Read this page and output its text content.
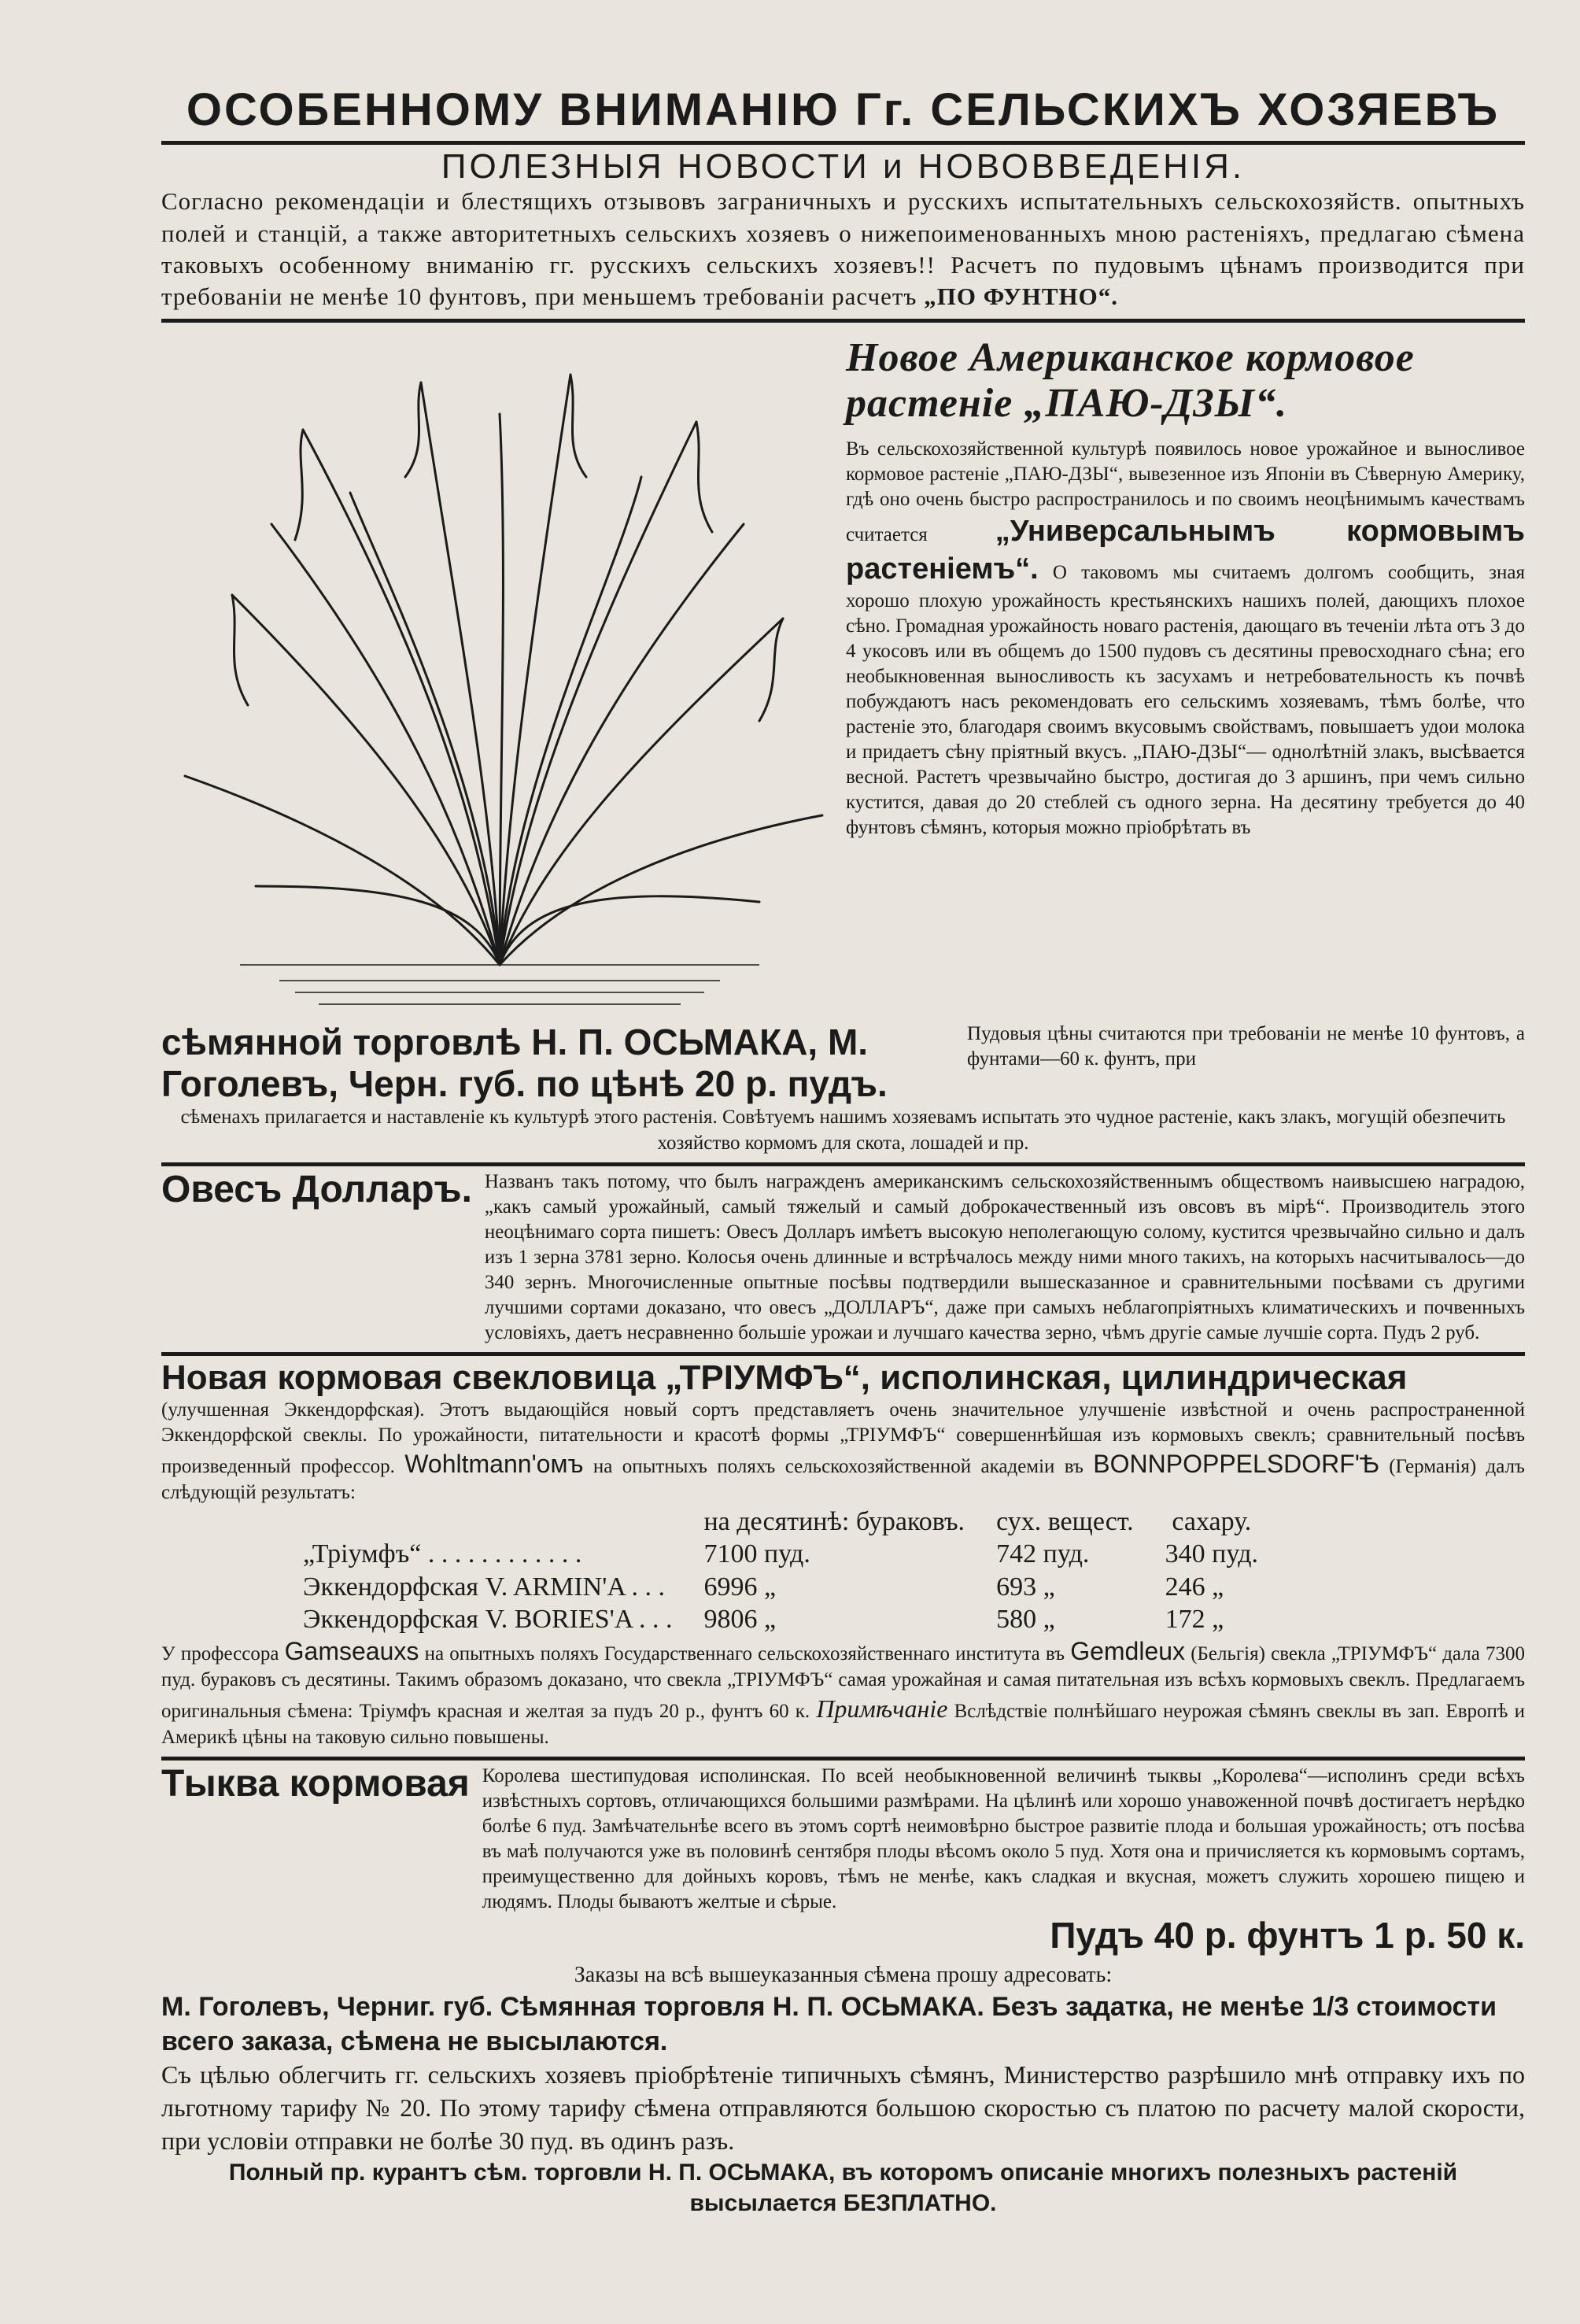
ОСОБЕННОМУ ВНИМАНІЮ Гг. СЕЛЬСКИХЪ ХОЗЯЕВЪ
ПОЛЕЗНЫЯ НОВОСТИ и НОВОВВЕДЕНІЯ.

Согласно рекомендаціи и блестящихъ отзывовъ заграничныхъ и русскихъ испытательныхъ сельскохозяйств. опытныхъ полей и станцій, а также авторитетныхъ сельскихъ хозяевъ о нижепоименованныхъ мною растеніяхъ, предлагаю сѣмена таковыхъ особенному вниманію гг. русскихъ сельскихъ хозяевъ!! Расчетъ по пудовымъ цѣнамъ производится при требованіи не менѣе 10 фунтовъ, при меньшемъ требованіи расчетъ „ПО ФУНТНО“.

Новое Американское кормовое растеніе „ПАЮ-ДЗЫ“.

Въ сельскохозяйственной культурѣ появилось новое урожайное и выносливое кормовое растеніе „ПАЮ-ДЗЫ“, вывезенное изъ Японіи въ Сѣверную Америку, гдѣ оно очень быстро распространилось и по своимъ неоцѣнимымъ качествамъ считается „Универсальнымъ кормовымъ растеніемъ“. О таковомъ мы считаемъ долгомъ сообщить, зная хорошо плохую урожайность крестьянскихъ нашихъ полей, дающихъ плохое сѣно. Громадная урожайность новаго растенія, дающаго въ теченіи лѣта отъ 3 до 4 укосовъ или въ общемъ до 1500 пудовъ съ десятины превосходнаго сѣна; его необыкновенная выносливость къ засухамъ и нетребовательность къ почвѣ побуждаютъ насъ рекомендовать его сельскимъ хозяевамъ, тѣмъ болѣе, что растеніе это, благодаря своимъ вкусовымъ свойствамъ, повышаетъ удои молока и придаетъ сѣну пріятный вкусъ. „ПАЮ-ДЗЫ“— однолѣтній злакъ, высѣвается весной. Растетъ чрезвычайно быстро, достигая до 3 аршинъ, при чемъ сильно кустится, давая до 20 стеблей съ одного зерна. На десятину требуется до 40 фунтовъ сѣмянъ, которыя можно пріобрѣтать въ

сѣмянной торговлѣ Н. П. ОСЬМАКА, М. Гоголевъ, Черн. губ. по цѣнѣ 20 р. пудъ.

Пудовыя цѣны считаются при требованіи не менѣе 10 фунтовъ, а фунтами—60 к. фунтъ, при

сѣменахъ прилагается и наставленіе къ культурѣ этого растенія. Совѣтуемъ нашимъ хозяевамъ испытать это чудное растеніе, какъ злакъ, могущій обезпечить хозяйство кормомъ для скота, лошадей и пр.

Овесъ Долларъ. Названъ такъ потому, что былъ награжденъ американскимъ сельскохозяйственнымъ обществомъ наивысшею наградою, „какъ самый урожайный, самый тяжелый и самый доброкачественный изъ овсовъ въ мірѣ“. Производитель этого неоцѣнимаго сорта пишетъ: Овесъ Долларъ имѣетъ высокую неполегающую солому, кустится чрезвычайно сильно и далъ изъ 1 зерна 3781 зерно. Колосья очень длинные и встрѣчалось между ними много такихъ, на которыхъ насчитывалось—до 340 зернъ. Многочисленные опытные посѣвы подтвердили вышесказанное и сравнительными посѣвами съ другими лучшими сортами доказано, что овесъ „ДОЛЛАРЪ“, даже при самыхъ неблагопріятныхъ климатическихъ и почвенныхъ условіяхъ, даетъ несравненно большіе урожаи и лучшаго качества зерно, чѣмъ другіе самые лучшіе сорта. Пудъ 2 руб.

Новая кормовая свекловица „ТРІУМФЪ“, исполинская, цилиндрическая

(улучшенная Эккендорфская). Этотъ выдающійся новый сортъ представляетъ очень значительное улучшеніе извѣстной и очень распространенной Эккендорфской свеклы. По урожайности, питательности и красотѣ формы „ТРІУМФЪ“ совершеннѣйшая изъ кормовыхъ свеклъ; сравнительный посѣвъ произведенный профессор. Wohltmann'омъ на опытныхъ поляхъ сельскохозяйственной академіи въ BONNPOPPELSDORF'Ѣ (Германія) далъ слѣдующій результатъ:

	на десятинѣ: бураковъ.	сух. вещест.	сахару.
„Тріумфъ“ . . . . . . . . . . . .	7100 пуд.	742 пуд.	340 пуд.
Эккендорфская V. ARMIN'A . . .	6996 „	693 „	246 „
Эккендорфская V. BORIES'A . . .	9806 „	580 „	172 „

У профессора Gamseauxs на опытныхъ поляхъ Государственнаго сельскохозяйственнаго института въ Gemdleux (Бельгія) свекла „ТРІУМФЪ“ дала 7300 пуд. бураковъ съ десятины. Такимъ образомъ доказано, что свекла „ТРІУМФЪ“ самая урожайная и самая питательная изъ всѣхъ кормовыхъ свеклъ. Предлагаемъ оригинальныя сѣмена: Тріумфъ красная и желтая за пудъ 20 р., фунтъ 60 к. Примѣчаніе Вслѣдствіе полнѣйшаго неурожая сѣмянъ свеклы въ зап. Европѣ и Америкѣ цѣны на таковую сильно повышены.

Тыква кормовая Королева шестипудовая исполинская. По всей необыкновенной величинѣ тыквы „Королева“—исполинъ среди всѣхъ извѣстныхъ сортовъ, отличающихся большими размѣрами. На цѣлинѣ или хорошо унавоженной почвѣ достигаетъ нерѣдко болѣе 6 пуд. Замѣчательнѣе всего въ этомъ сортѣ неимовѣрно быстрое развитіе плода и большая урожайность; отъ посѣва въ маѣ получаются уже въ половинѣ сентября плоды вѣсомъ около 5 пуд. Хотя она и причисляется къ кормовымъ сортамъ, преимущественно для дойныхъ коровъ, тѣмъ не менѣе, какъ сладкая и вкусная, можетъ служить хорошею пищею и людямъ. Плоды бываютъ желтые и сѣрые.

Пудъ 40 р. фунтъ 1 р. 50 к.

Заказы на всѣ вышеуказанныя сѣмена прошу адресовать:

М. Гоголевъ, Черниг. губ. Сѣмянная торговля Н. П. ОСЬМАКА. Безъ задатка, не менѣе 1/3 стоимости всего заказа, сѣмена не высылаются.

Съ цѣлью облегчить гг. сельскихъ хозяевъ пріобрѣтеніе типичныхъ сѣмянъ, Министерство разрѣшило мнѣ отправку ихъ по льготному тарифу № 20. По этому тарифу сѣмена отправляются большою скоростью съ платою по расчету малой скорости, при условіи отправки не болѣе 30 пуд. въ одинъ разъ.

Полный пр. курантъ сѣм. торговли Н. П. ОСЬМАКА, въ которомъ описаніе многихъ полезныхъ растеній высылается БЕЗПЛАТНО.
